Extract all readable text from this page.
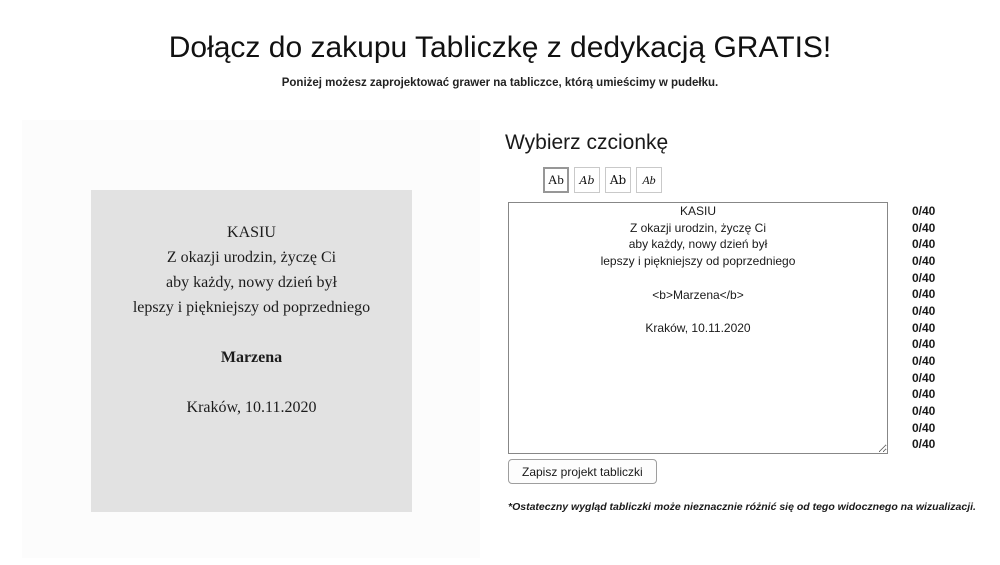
Dołącz do zakupu Tabliczkę z dedykacją GRATIS!

Poniżej możesz zaprojektować grawer na tabliczce, którą umieścimy w pudełku.

KASIU
Z okazji urodzin, życzę Ci
aby każdy, nowy dzień był
lepszy i piękniejszy od poprzedniego
Marzena
Kraków, 10.11.2020
Wybierz czcionkę
Ab	Ab	Ab	Ab
KASIU Z okazji urodzin, życzę Ci aby każdy, nowy dzień był lepszy i piękniejszy od poprzedniego <b>Marzena</b> Kraków, 10.11.2020
0/40
0/40
0/40
0/40
0/40
0/40
0/40
0/40
0/40
0/40
0/40
0/40
0/40
0/40
0/40
Zapisz projekt tabliczki

*Ostateczny wygląd tabliczki może nieznacznie różnić się od tego widocznego na wizualizacji.
